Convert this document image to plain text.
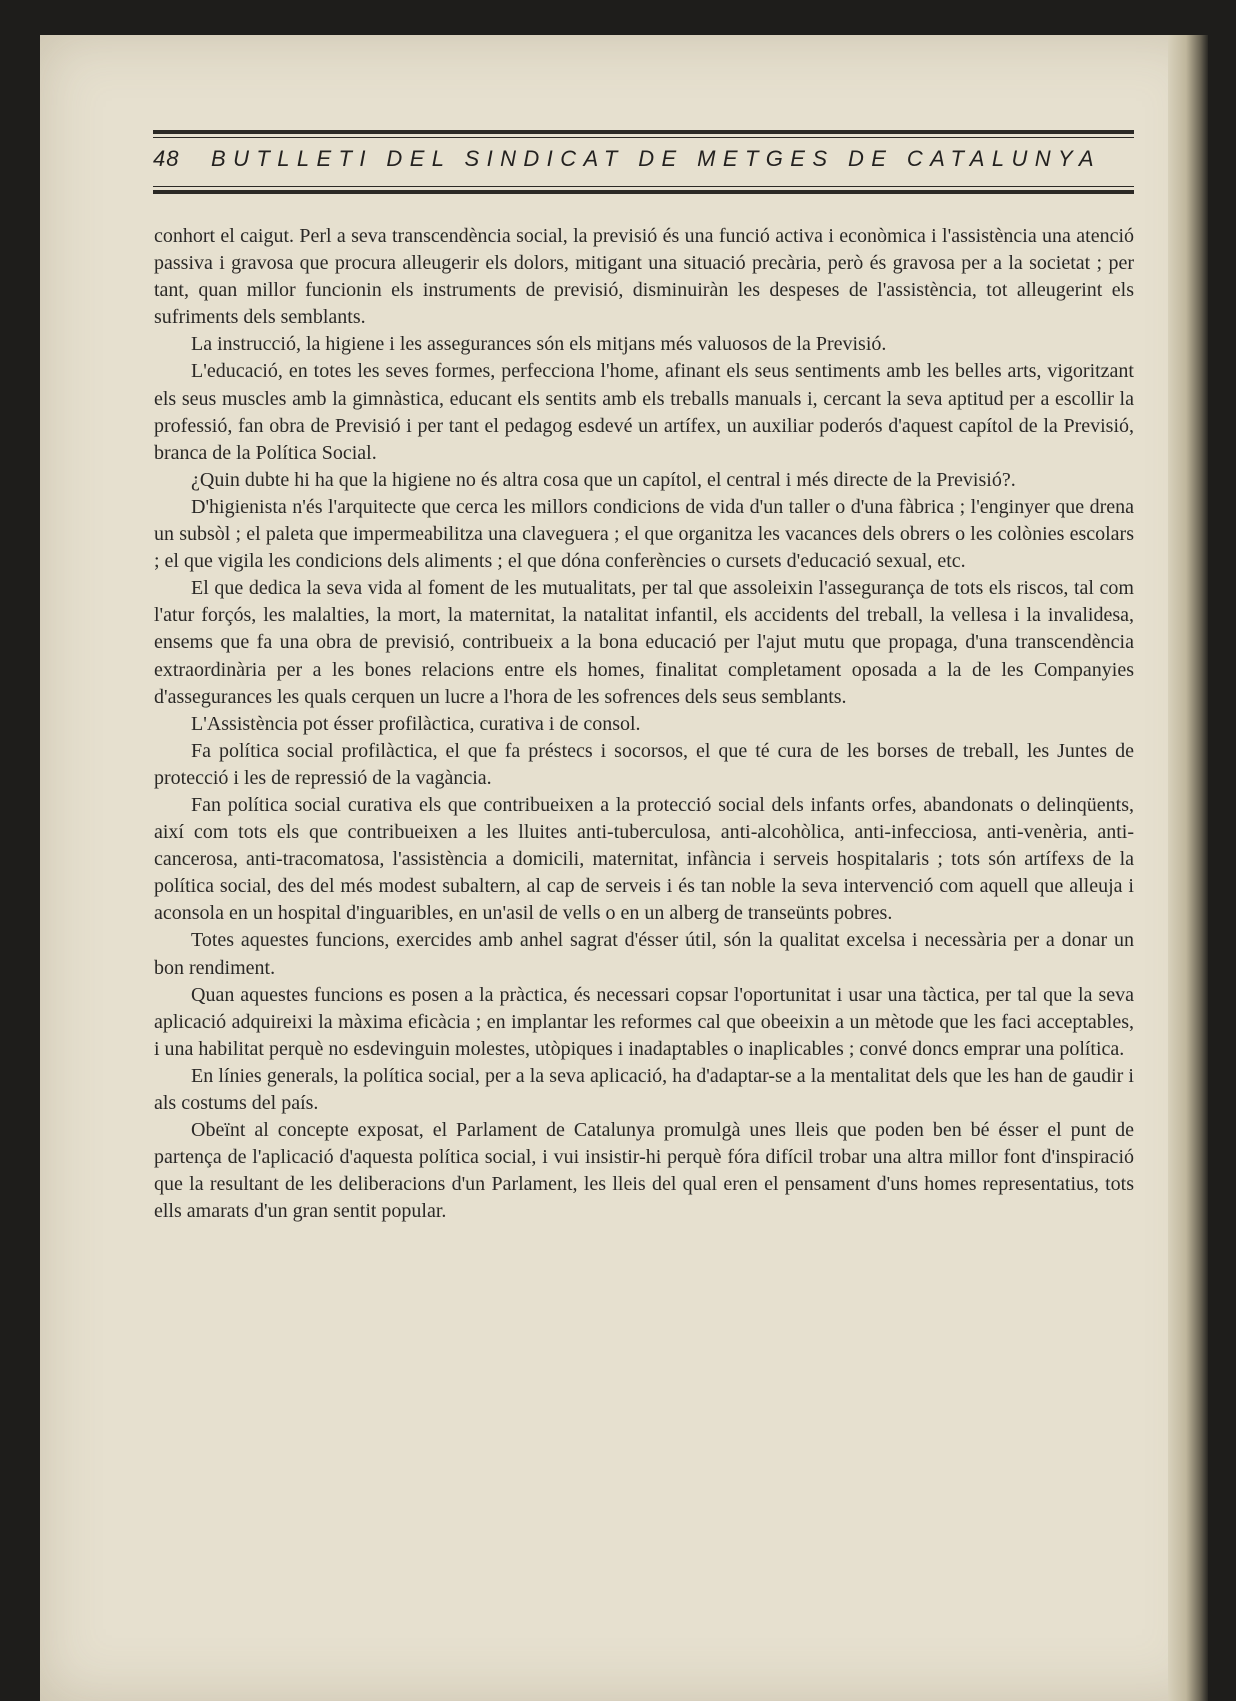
48	BUTLLETI DEL SINDICAT DE METGES DE CATALUNYA

conhort el caigut. Perl a seva transcendència social, la previsió és una funció activa i econòmica i l'assistència una atenció passiva i gravosa que procura alleugerir els dolors, mitigant una situació precària, però és gravosa per a la societat ; per tant, quan millor funcionin els instruments de previsió, disminuiràn les despeses de l'assistència, tot alleugerint els sufriments dels semblants.

La instrucció, la higiene i les assegurances són els mitjans més valuosos de la Previsió.

L'educació, en totes les seves formes, perfecciona l'home, afinant els seus sentiments amb les belles arts, vigoritzant els seus muscles amb la gimnàstica, educant els sentits amb els treballs manuals i, cercant la seva aptitud per a escollir la professió, fan obra de Previsió i per tant el pedagog esdevé un artífex, un auxiliar poderós d'aquest capítol de la Previsió, branca de la Política Social.

¿Quin dubte hi ha que la higiene no és altra cosa que un capítol, el central i més directe de la Previsió?.

D'higienista n'és l'arquitecte que cerca les millors condicions de vida d'un taller o d'una fàbrica ; l'enginyer que drena un subsòl ; el paleta que impermeabilitza una claveguera ; el que organitza les vacances dels obrers o les colònies escolars ; el que vigila les condicions dels aliments ; el que dóna conferències o cursets d'educació sexual, etc.

El que dedica la seva vida al foment de les mutualitats, per tal que assoleixin l'assegurança de tots els riscos, tal com l'atur forçós, les malalties, la mort, la maternitat, la natalitat infantil, els accidents del treball, la vellesa i la invalidesa, ensems que fa una obra de previsió, contribueix a la bona educació per l'ajut mutu que propaga, d'una transcendència extraordinària per a les bones relacions entre els homes, finalitat completament oposada a la de les Companyies d'assegurances les quals cerquen un lucre a l'hora de les sofrences dels seus semblants.

L'Assistència pot ésser profilàctica, curativa i de consol.

Fa política social profilàctica, el que fa préstecs i socorsos, el que té cura de les borses de treball, les Juntes de protecció i les de repressió de la vagància.

Fan política social curativa els que contribueixen a la protecció social dels infants orfes, abandonats o delinqüents, així com tots els que contribueixen a les lluites anti-tuberculosa, anti-alcohòlica, anti-infecciosa, anti-venèria, anti-cancerosa, anti-tracomatosa, l'assistència a domicili, maternitat, infància i serveis hospitalaris ; tots són artífexs de la política social, des del més modest subaltern, al cap de serveis i és tan noble la seva intervenció com aquell que alleuja i aconsola en un hospital d'inguaribles, en un'asil de vells o en un alberg de transeünts pobres.

Totes aquestes funcions, exercides amb anhel sagrat d'ésser útil, són la qualitat excelsa i necessària per a donar un bon rendiment.

Quan aquestes funcions es posen a la pràctica, és necessari copsar l'oportunitat i usar una tàctica, per tal que la seva aplicació adquireixi la màxima eficàcia ; en implantar les reformes cal que obeeixin a un mètode que les faci acceptables, i una habilitat perquè no esdevinguin molestes, utòpiques i inadaptables o inaplicables ; convé doncs emprar una política.

En línies generals, la política social, per a la seva aplicació, ha d'adaptar-se a la mentalitat dels que les han de gaudir i als costums del país.

Obeïnt al concepte exposat, el Parlament de Catalunya promulgà unes lleis que poden ben bé ésser el punt de partença de l'aplicació d'aquesta política social, i vui insistir-hi perquè fóra difícil trobar una altra millor font d'inspiració que la resultant de les deliberacions d'un Parlament, les lleis del qual eren el pensament d'uns homes representatius, tots ells amarats d'un gran sentit popular.
